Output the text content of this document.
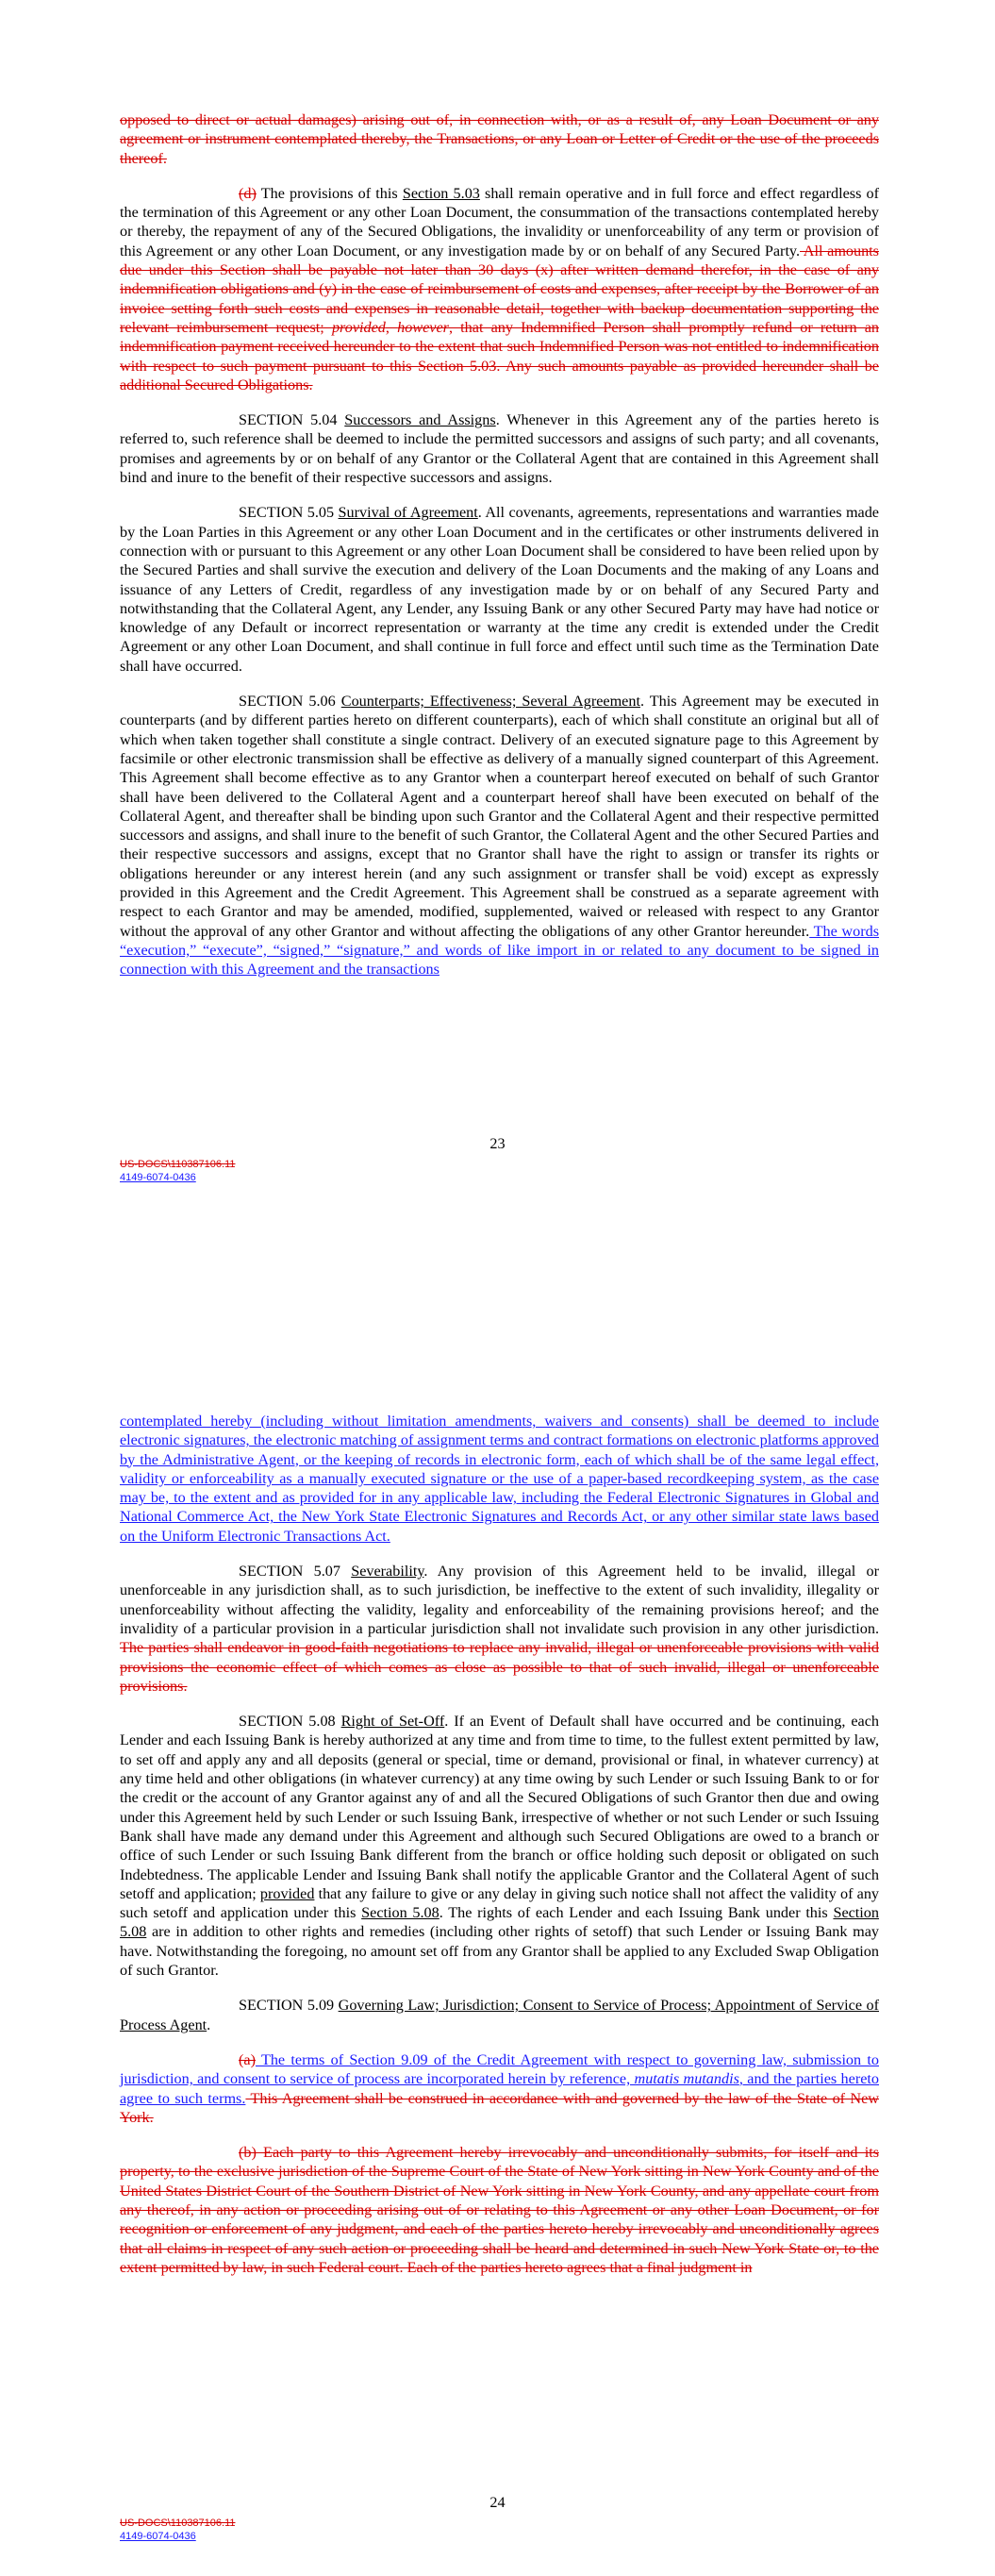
opposed to direct or actual damages) arising out of, in connection with, or as a result of, any Loan Document or any agreement or instrument contemplated thereby, the Transactions, or any Loan or Letter of Credit or the use of the proceeds thereof.

(d) The provisions of this Section 5.03 shall remain operative and in full force and effect regardless of the termination of this Agreement or any other Loan Document, the consummation of the transactions contemplated hereby or thereby, the repayment of any of the Secured Obligations, the invalidity or unenforceability of any term or provision of this Agreement or any other Loan Document, or any investigation made by or on behalf of any Secured Party. All amounts due under this Section shall be payable not later than 30 days (x) after written demand therefor, in the case of any indemnification obligations and (y) in the case of reimbursement of costs and expenses, after receipt by the Borrower of an invoice setting forth such costs and expenses in reasonable detail, together with backup documentation supporting the relevant reimbursement request; provided, however, that any Indemnified Person shall promptly refund or return an indemnification payment received hereunder to the extent that such Indemnified Person was not entitled to indemnification with respect to such payment pursuant to this Section 5.03. Any such amounts payable as provided hereunder shall be additional Secured Obligations.

SECTION 5.04 Successors and Assigns. Whenever in this Agreement any of the parties hereto is referred to, such reference shall be deemed to include the permitted successors and assigns of such party; and all covenants, promises and agreements by or on behalf of any Grantor or the Collateral Agent that are contained in this Agreement shall bind and inure to the benefit of their respective successors and assigns.

SECTION 5.05 Survival of Agreement. All covenants, agreements, representations and warranties made by the Loan Parties in this Agreement or any other Loan Document and in the certificates or other instruments delivered in connection with or pursuant to this Agreement or any other Loan Document shall be considered to have been relied upon by the Secured Parties and shall survive the execution and delivery of the Loan Documents and the making of any Loans and issuance of any Letters of Credit, regardless of any investigation made by or on behalf of any Secured Party and notwithstanding that the Collateral Agent, any Lender, any Issuing Bank or any other Secured Party may have had notice or knowledge of any Default or incorrect representation or warranty at the time any credit is extended under the Credit Agreement or any other Loan Document, and shall continue in full force and effect until such time as the Termination Date shall have occurred.

SECTION 5.06 Counterparts; Effectiveness; Several Agreement. This Agreement may be executed in counterparts (and by different parties hereto on different counterparts), each of which shall constitute an original but all of which when taken together shall constitute a single contract. Delivery of an executed signature page to this Agreement by facsimile or other electronic transmission shall be effective as delivery of a manually signed counterpart of this Agreement. This Agreement shall become effective as to any Grantor when a counterpart hereof executed on behalf of such Grantor shall have been delivered to the Collateral Agent and a counterpart hereof shall have been executed on behalf of the Collateral Agent, and thereafter shall be binding upon such Grantor and the Collateral Agent and their respective permitted successors and assigns, and shall inure to the benefit of such Grantor, the Collateral Agent and the other Secured Parties and their respective successors and assigns, except that no Grantor shall have the right to assign or transfer its rights or obligations hereunder or any interest herein (and any such assignment or transfer shall be void) except as expressly provided in this Agreement and the Credit Agreement. This Agreement shall be construed as a separate agreement with respect to each Grantor and may be amended, modified, supplemented, waived or released with respect to any Grantor without the approval of any other Grantor and without affecting the obligations of any other Grantor hereunder. The words “execution,” “execute”, “signed,” “signature,” and words of like import in or related to any document to be signed in connection with this Agreement and the transactions

23
US-DOCS\110387106.11
4149-6074-0436

contemplated hereby (including without limitation amendments, waivers and consents) shall be deemed to include electronic signatures, the electronic matching of assignment terms and contract formations on electronic platforms approved by the Administrative Agent, or the keeping of records in electronic form, each of which shall be of the same legal effect, validity or enforceability as a manually executed signature or the use of a paper-based recordkeeping system, as the case may be, to the extent and as provided for in any applicable law, including the Federal Electronic Signatures in Global and National Commerce Act, the New York State Electronic Signatures and Records Act, or any other similar state laws based on the Uniform Electronic Transactions Act.

SECTION 5.07 Severability. Any provision of this Agreement held to be invalid, illegal or unenforceable in any jurisdiction shall, as to such jurisdiction, be ineffective to the extent of such invalidity, illegality or unenforceability without affecting the validity, legality and enforceability of the remaining provisions hereof; and the invalidity of a particular provision in a particular jurisdiction shall not invalidate such provision in any other jurisdiction. The parties shall endeavor in good-faith negotiations to replace any invalid, illegal or unenforceable provisions with valid provisions the economic effect of which comes as close as possible to that of such invalid, illegal or unenforceable provisions.

SECTION 5.08 Right of Set-Off. If an Event of Default shall have occurred and be continuing, each Lender and each Issuing Bank is hereby authorized at any time and from time to time, to the fullest extent permitted by law, to set off and apply any and all deposits (general or special, time or demand, provisional or final, in whatever currency) at any time held and other obligations (in whatever currency) at any time owing by such Lender or such Issuing Bank to or for the credit or the account of any Grantor against any of and all the Secured Obligations of such Grantor then due and owing under this Agreement held by such Lender or such Issuing Bank, irrespective of whether or not such Lender or such Issuing Bank shall have made any demand under this Agreement and although such Secured Obligations are owed to a branch or office of such Lender or such Issuing Bank different from the branch or office holding such deposit or obligated on such Indebtedness. The applicable Lender and Issuing Bank shall notify the applicable Grantor and the Collateral Agent of such setoff and application; provided that any failure to give or any delay in giving such notice shall not affect the validity of any such setoff and application under this Section 5.08. The rights of each Lender and each Issuing Bank under this Section 5.08 are in addition to other rights and remedies (including other rights of setoff) that such Lender or Issuing Bank may have. Notwithstanding the foregoing, no amount set off from any Grantor shall be applied to any Excluded Swap Obligation of such Grantor.

SECTION 5.09 Governing Law; Jurisdiction; Consent to Service of Process; Appointment of Service of Process Agent.

(a) The terms of Section 9.09 of the Credit Agreement with respect to governing law, submission to jurisdiction, and consent to service of process are incorporated herein by reference, mutatis mutandis, and the parties hereto agree to such terms. This Agreement shall be construed in accordance with and governed by the law of the State of New York.

(b) Each party to this Agreement hereby irrevocably and unconditionally submits, for itself and its property, to the exclusive jurisdiction of the Supreme Court of the State of New York sitting in New York County and of the United States District Court of the Southern District of New York sitting in New York County, and any appellate court from any thereof, in any action or proceeding arising out of or relating to this Agreement or any other Loan Document, or for recognition or enforcement of any judgment, and each of the parties hereto hereby irrevocably and unconditionally agrees that all claims in respect of any such action or proceeding shall be heard and determined in such New York State or, to the extent permitted by law, in such Federal court. Each of the parties hereto agrees that a final judgment in

24
US-DOCS\110387106.11
4149-6074-0436
